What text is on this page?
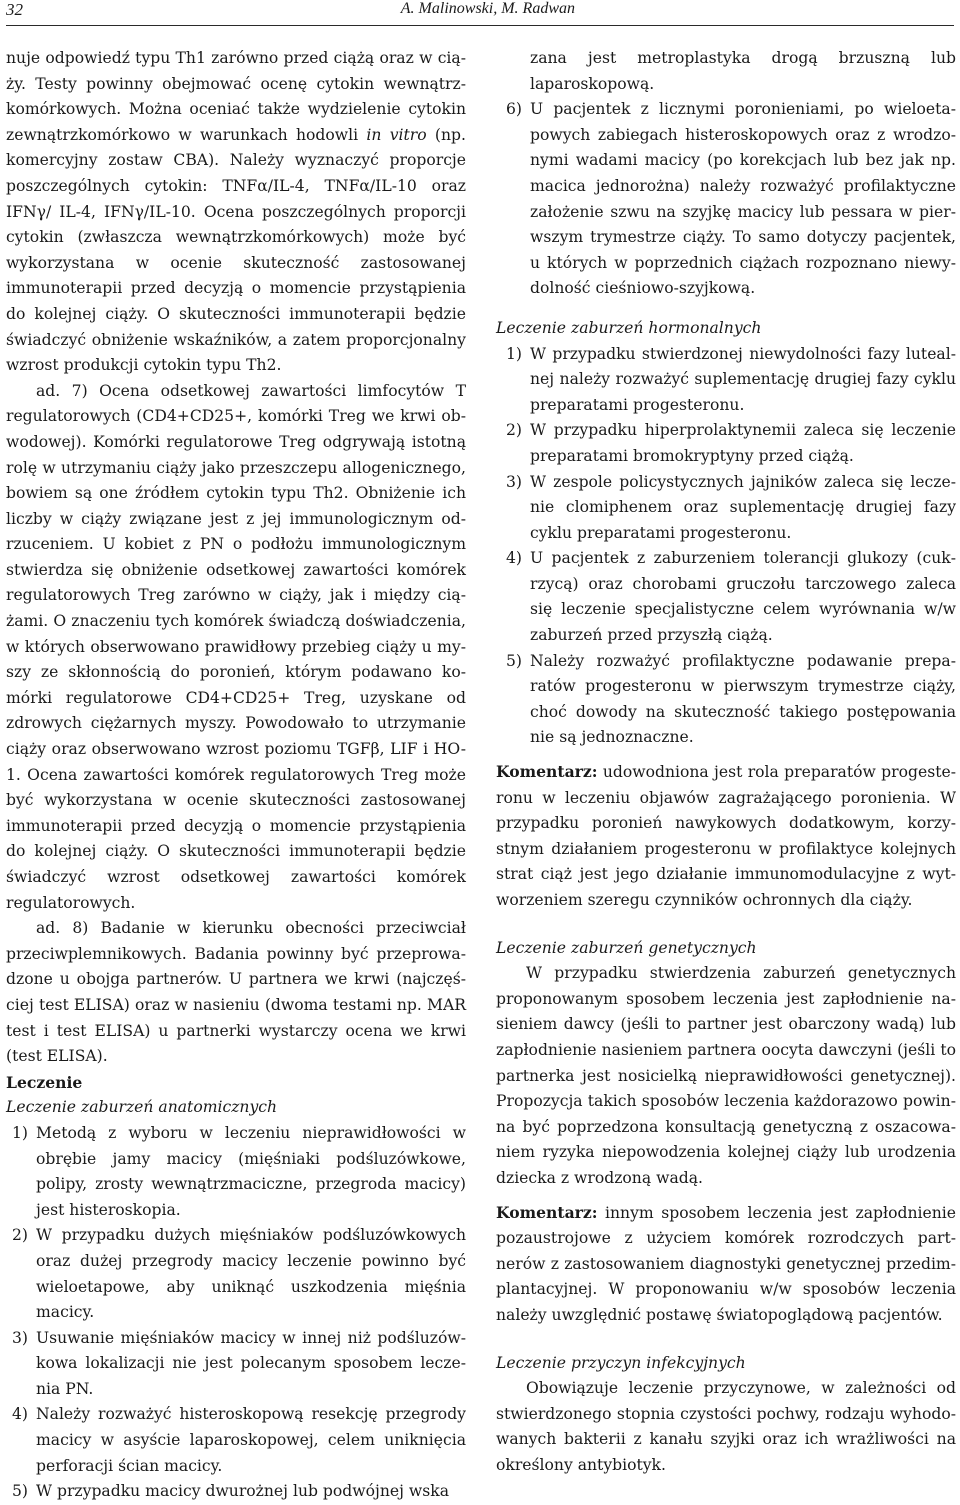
32	A. Malinowski, M. Radwan

nuje odpowiedź typu Th1 zarówno przed ciążą oraz w ciąży. Testy powinny obejmować ocenę cytokin wewnątrzkomórkowych. Można oceniać także wydzielenie cytokin zewnątrzkomórkowo w warunkach hodowli in vitro (np. komercyjny zostaw CBA). Należy wyznaczyć proporcje poszczególnych cytokin: TNFα/IL-4, TNFα/IL-10 oraz IFNγ/ IL-4, IFNγ/IL-10. Ocena poszczególnych proporcji cytokin (zwłaszcza wewnątrzkomórkowych) może być wykorzystana w ocenie skuteczność zastosowanej immunoterapii przed decyzją o momencie przystąpienia do kolejnej ciąży. O skuteczności immunoterapii będzie świadczyć obniżenie wskaźników, a zatem proporcjonalny wzrost produkcji cytokin typu Th2.

ad. 7) Ocena odsetkowej zawartości limfocytów T regulatorowych (CD4+CD25+, komórki Treg we krwi obwodowej). Komórki regulatorowe Treg odgrywają istotną rolę w utrzymaniu ciąży jako przeszczepu allogenicznego, bowiem są one źródłem cytokin typu Th2. Obniżenie ich liczby w ciąży związane jest z jej immunologicznym odrzuceniem. U kobiet z PN o podłożu immunologicznym stwierdza się obniżenie odsetkowej zawartości komórek regulatorowych Treg zarówno w ciąży, jak i między ciążami. O znaczeniu tych komórek świadczą doświadczenia, w których obserwowano prawidłowy przebieg ciąży u myszy ze skłonnością do poronień, którym podawano komórki regulatorowe CD4+CD25+ Treg, uzyskane od zdrowych ciężarnych myszy. Powodowało to utrzymanie ciąży oraz obserwowano wzrost poziomu TGFβ, LIF i HO-1. Ocena zawartości komórek regulatorowych Treg może być wykorzystana w ocenie skuteczności zastosowanej immunoterapii przed decyzją o momencie przystąpienia do kolejnej ciąży. O skuteczności immunoterapii będzie świadczyć wzrost odsetkowej zawartości komórek regulatorowych.

ad. 8) Badanie w kierunku obecności przeciwciał przeciwplemnikowych. Badania powinny być przeprowadzone u obojga partnerów. U partnera we krwi (najczęściej test ELISA) oraz w nasieniu (dwoma testami np. MAR test i test ELISA) u partnerki wystarczy ocena we krwi (test ELISA).

Leczenie

Leczenie zaburzeń anatomicznych

1) Metodą z wyboru w leczeniu nieprawidłowości w obrębie jamy macicy (mięśniaki podśluzówkowe, polipy, zrosty wewnątrzmaciczne, przegroda macicy) jest histeroskopia.
2) W przypadku dużych mięśniaków podśluzówkowych oraz dużej przegrody macicy leczenie powinno być wieloetapowe, aby uniknąć uszkodzenia mięśnia macicy.
3) Usuwanie mięśniaków macicy w innej niż podśluzówkowa lokalizacji nie jest polecanym sposobem leczenia PN.
4) Należy rozważyć histeroskopową resekcję przegrody macicy w asyście laparoskopowej, celem uniknięcia perforacji ścian macicy.
5) W przypadku macicy dwurożnej lub podwójnej wska
zana jest metroplastyka drogą brzuszną lub laparoskopową.
6) U pacjentek z licznymi poronieniami, po wieloetapowych zabiegach histeroskopowych oraz z wrodzonymi wadami macicy (po korekcjach lub bez jak np. macica jednorożna) należy rozważyć profilaktyczne założenie szwu na szyjkę macicy lub pessara w pierwszym trymestrze ciąży. To samo dotyczy pacjentek, u których w poprzednich ciążach rozpoznano niewydolność cieśniowo-szyjkową.

Leczenie zaburzeń hormonalnych

1) W przypadku stwierdzonej niewydolności fazy lutealnej należy rozważyć suplementację drugiej fazy cyklu preparatami progesteronu.
2) W przypadku hiperprolaktynemii zaleca się leczenie preparatami bromokryptyny przed ciążą.
3) W zespole policystycznych jajników zaleca się leczenie clomiphenem oraz suplementację drugiej fazy cyklu preparatami progesteronu.
4) U pacjentek z zaburzeniem tolerancji glukozy (cukrzycą) oraz chorobami gruczołu tarczowego zaleca się leczenie specjalistyczne celem wyrównania w/w zaburzeń przed przyszłą ciążą.
5) Należy rozważyć profilaktyczne podawanie preparatów progesteronu w pierwszym trymestrze ciąży, choć dowody na skuteczność takiego postępowania nie są jednoznaczne.

Komentarz: udowodniona jest rola preparatów progesteronu w leczeniu objawów zagrażającego poronienia. W przypadku poronień nawykowych dodatkowym, korzystnym działaniem progesteronu w profilaktyce kolejnych strat ciąż jest jego działanie immunomodulacyjne z wytworzeniem szeregu czynników ochronnych dla ciąży.

Leczenie zaburzeń genetycznych

W przypadku stwierdzenia zaburzeń genetycznych proponowanym sposobem leczenia jest zapłodnienie nasieniem dawcy (jeśli to partner jest obarczony wadą) lub zapłodnienie nasieniem partnera oocyta dawczyni (jeśli to partnerka jest nosicielką nieprawidłowości genetycznej). Propozycja takich sposobów leczenia każdorazowo powinna być poprzedzona konsultacją genetyczną z oszacowaniem ryzyka niepowodzenia kolejnej ciąży lub urodzenia dziecka z wrodzoną wadą.

Komentarz: innym sposobem leczenia jest zapłodnienie pozaustrojowe z użyciem komórek rozrodczych partnerów z zastosowaniem diagnostyki genetycznej przedimplantacyjnej. W proponowaniu w/w sposobów leczenia należy uwzględnić postawę światopoglądową pacjentów.

Leczenie przyczyn infekcyjnych

Obowiązuje leczenie przyczynowe, w zależności od stwierdzonego stopnia czystości pochwy, rodzaju wyhodowanych bakterii z kanału szyjki oraz ich wrażliwości na określony antybiotyk.
